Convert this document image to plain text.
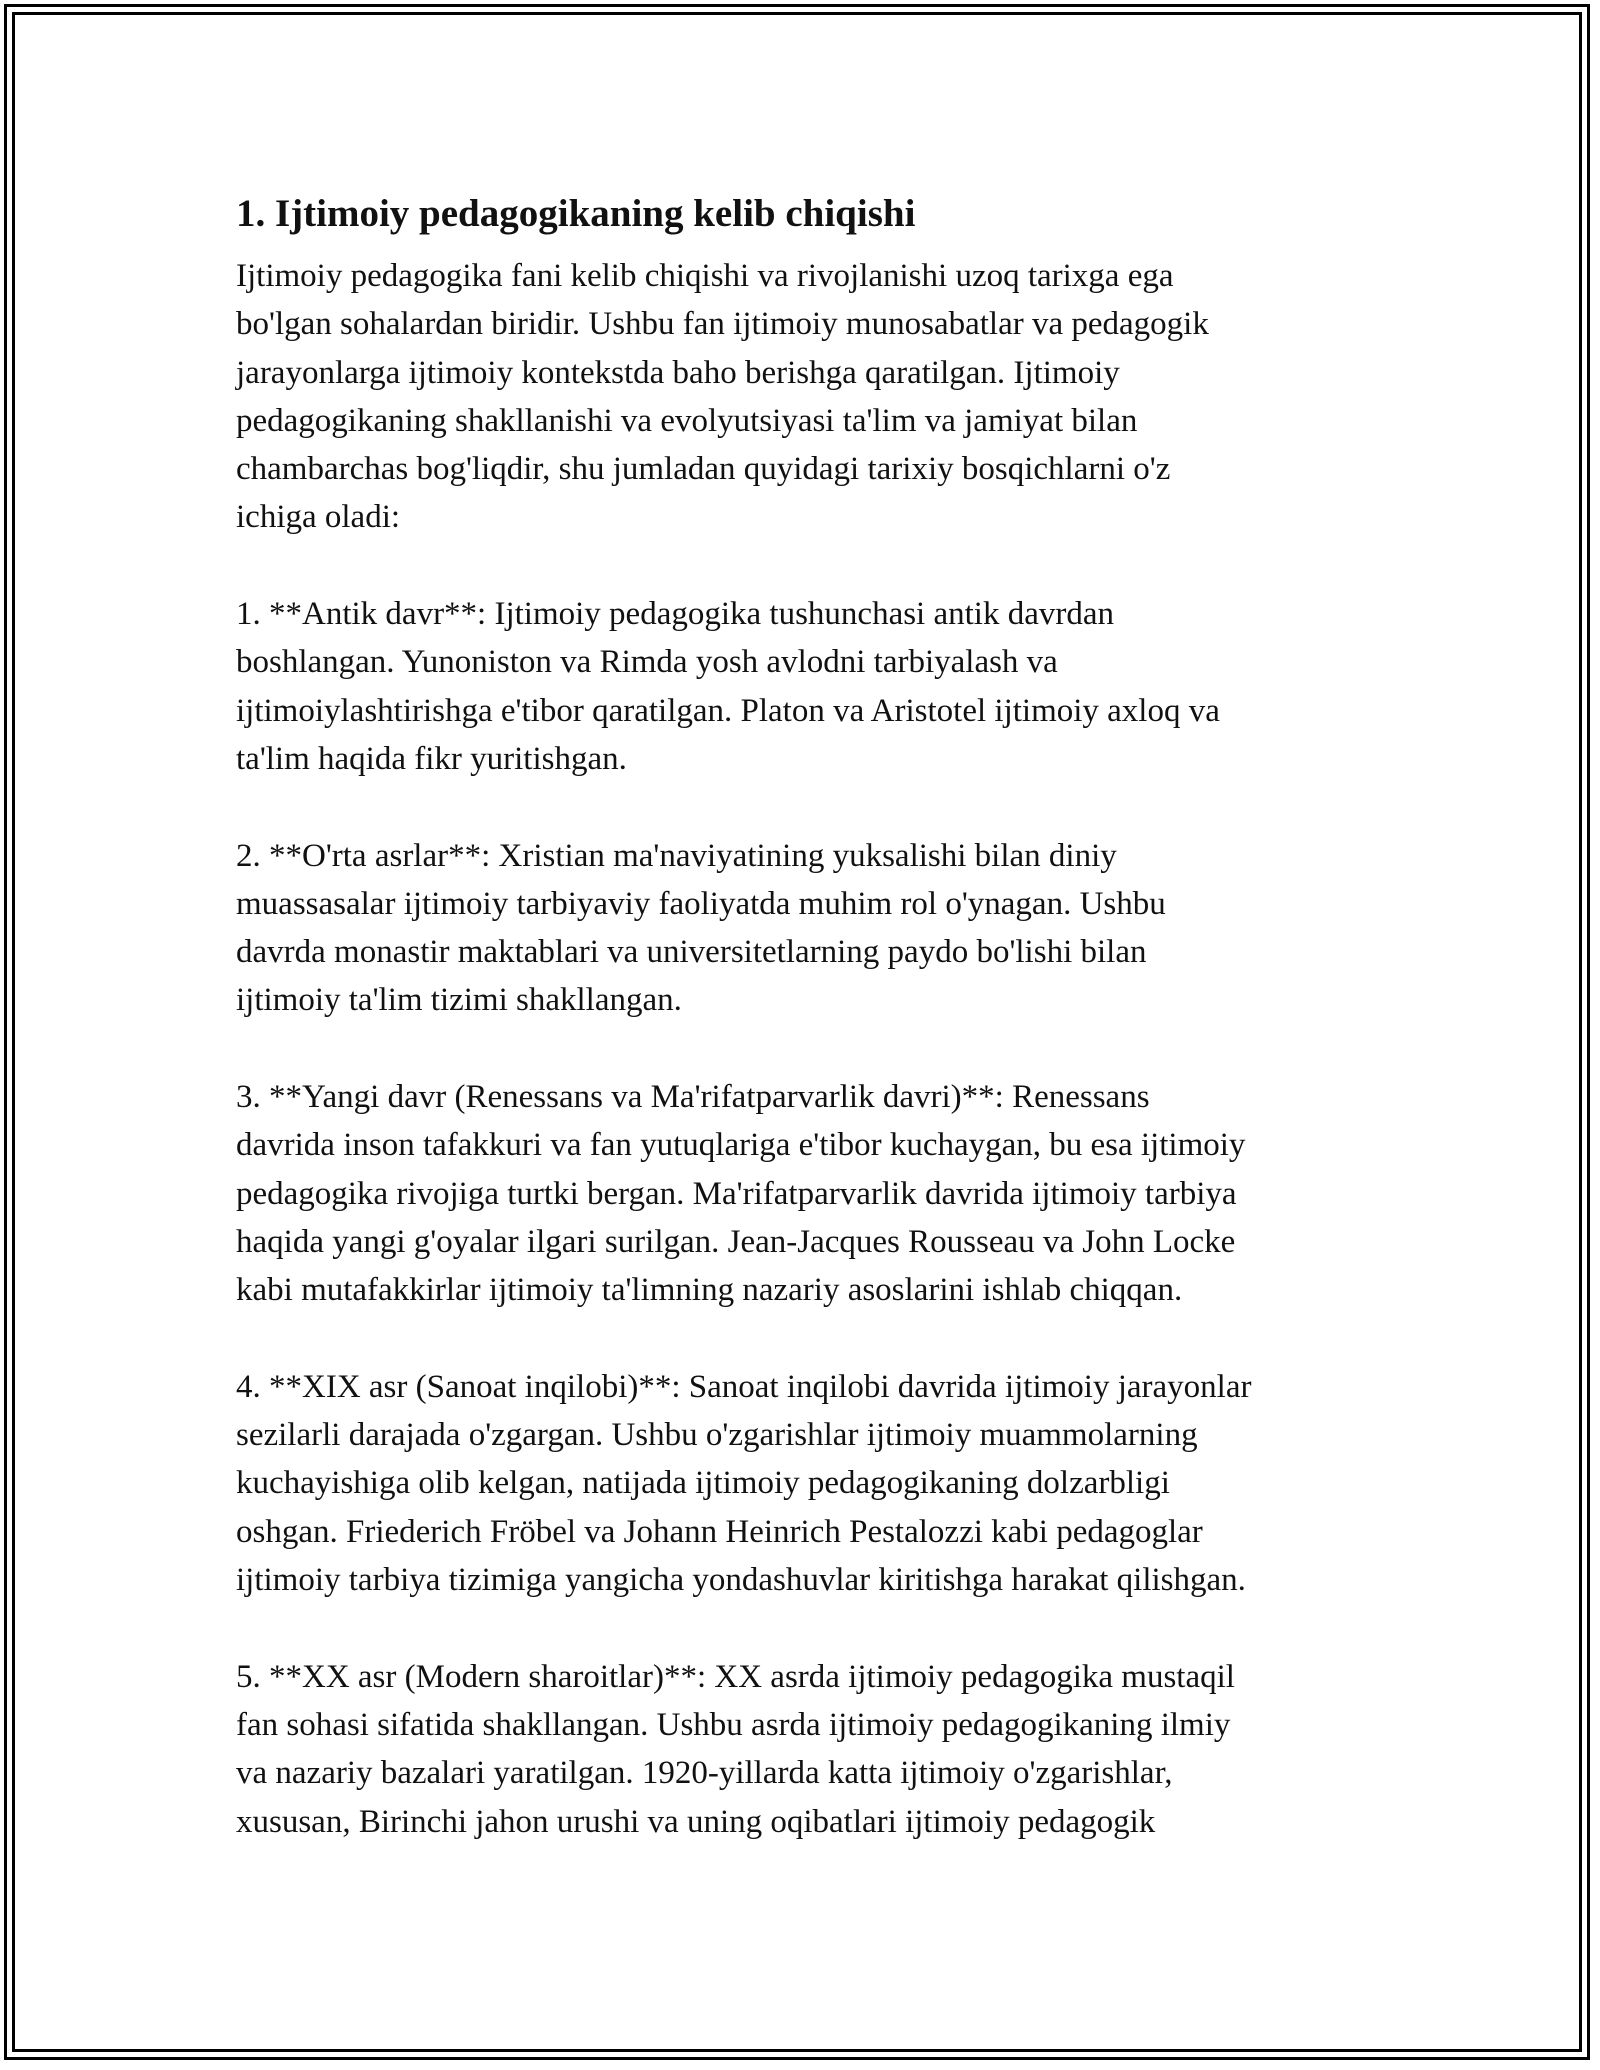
1. Ijtimoiy pedagogikaning kelib chiqishi

Ijtimoiy pedagogika fani kelib chiqishi va rivojlanishi uzoq tarixga ega
bo'lgan sohalardan biridir. Ushbu fan ijtimoiy munosabatlar va pedagogik
jarayonlarga ijtimoiy kontekstda baho berishga qaratilgan. Ijtimoiy
pedagogikaning shakllanishi va evolyutsiyasi ta'lim va jamiyat bilan
chambarchas bog'liqdir, shu jumladan quyidagi tarixiy bosqichlarni o'z
ichiga oladi:

1. **Antik davr**: Ijtimoiy pedagogika tushunchasi antik davrdan
boshlangan. Yunoniston va Rimda yosh avlodni tarbiyalash va
ijtimoiylashtirishga e'tibor qaratilgan. Platon va Aristotel ijtimoiy axloq va
ta'lim haqida fikr yuritishgan.

2. **O'rta asrlar**: Xristian ma'naviyatining yuksalishi bilan diniy
muassasalar ijtimoiy tarbiyaviy faoliyatda muhim rol o'ynagan. Ushbu
davrda monastir maktablari va universitetlarning paydo bo'lishi bilan
ijtimoiy ta'lim tizimi shakllangan.

3. **Yangi davr (Renessans va Ma'rifatparvarlik davri)**: Renessans
davrida inson tafakkuri va fan yutuqlariga e'tibor kuchaygan, bu esa ijtimoiy
pedagogika rivojiga turtki bergan. Ma'rifatparvarlik davrida ijtimoiy tarbiya
haqida yangi g'oyalar ilgari surilgan. Jean-Jacques Rousseau va John Locke
kabi mutafakkirlar ijtimoiy ta'limning nazariy asoslarini ishlab chiqqan.

4. **XIX asr (Sanoat inqilobi)**: Sanoat inqilobi davrida ijtimoiy jarayonlar
sezilarli darajada o'zgargan. Ushbu o'zgarishlar ijtimoiy muammolarning
kuchayishiga olib kelgan, natijada ijtimoiy pedagogikaning dolzarbligi
oshgan. Friederich Fröbel va Johann Heinrich Pestalozzi kabi pedagoglar
ijtimoiy tarbiya tizimiga yangicha yondashuvlar kiritishga harakat qilishgan.

5. **XX asr (Modern sharoitlar)**: XX asrda ijtimoiy pedagogika mustaqil
fan sohasi sifatida shakllangan. Ushbu asrda ijtimoiy pedagogikaning ilmiy
va nazariy bazalari yaratilgan. 1920-yillarda katta ijtimoiy o'zgarishlar,
xususan, Birinchi jahon urushi va uning oqibatlari ijtimoiy pedagogik
